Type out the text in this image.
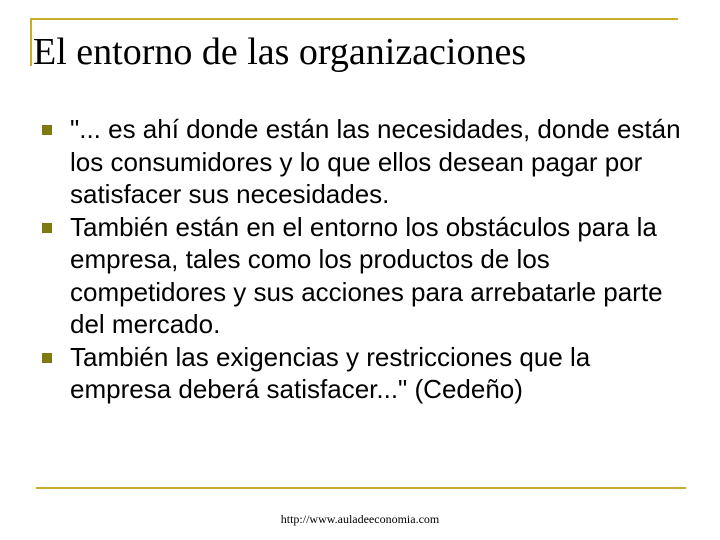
El entorno de las organizaciones
"... es ahí donde están las necesidades, donde están los consumidores y lo que ellos desean pagar por satisfacer sus necesidades.
También están en el entorno los obstáculos para la empresa, tales como los productos de los competidores y sus acciones para arrebatarle parte del mercado.
También las exigencias y restricciones que la empresa deberá satisfacer..." (Cedeño)
http://www.auladeeconomia.com
